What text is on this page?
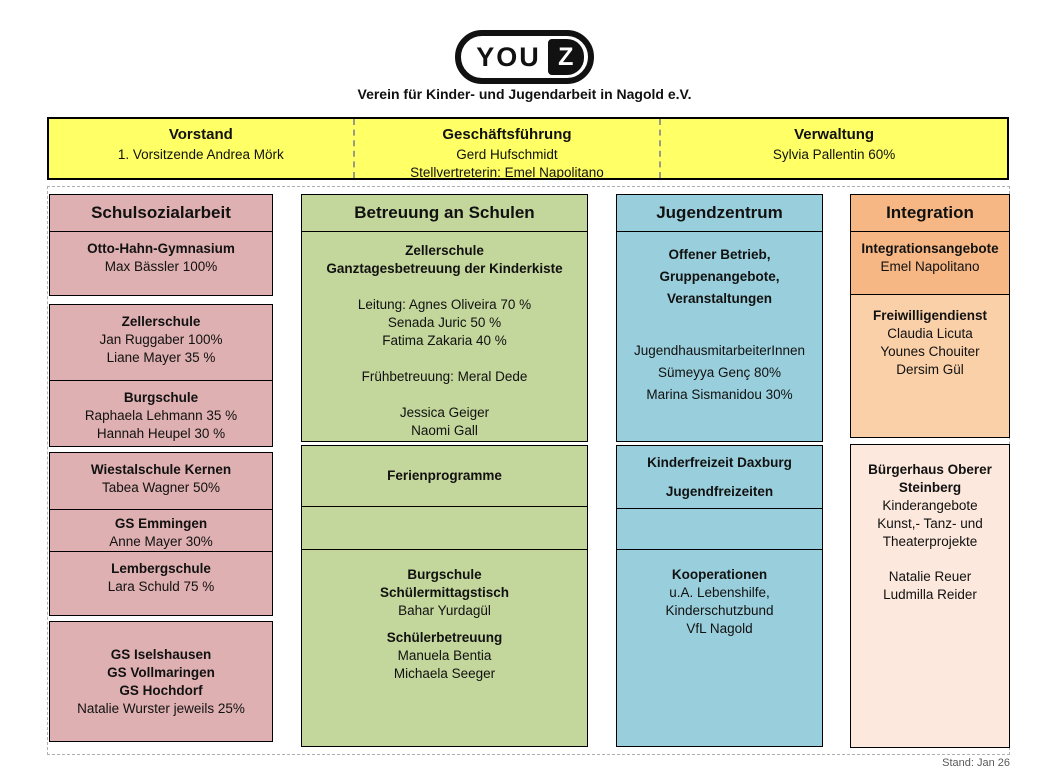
YOU Z
Verein für Kinder- und Jugendarbeit in Nagold e.V.
Vorstand
1. Vorsitzende Andrea Mörk
Geschäftsführung
Gerd Hufschmidt
Stellvertreterin: Emel Napolitano
Verwaltung
Sylvia Pallentin 60%
Schulsozialarbeit
Otto-Hahn-Gymnasium
Max Bässler 100%
Zellerschule
Jan Ruggaber 100%
Liane Mayer 35 %
Burgschule
Raphaela Lehmann 35 %
Hannah Heupel 30 %
Wiestalschule Kernen
Tabea Wagner 50%
GS Emmingen
Anne Mayer 30%
Lembergschule
Lara Schuld 75 %
GS Iselshausen
GS Vollmaringen
GS Hochdorf
Natalie Wurster jeweils 25%
Betreuung an Schulen
Zellerschule
Ganztagesbetreuung der Kinderkiste
Leitung: Agnes Oliveira 70 %
Senada Juric 50 %
Fatima Zakaria 40 %
Frühbetreuung: Meral Dede
Jessica Geiger
Naomi Gall
Ferienprogramme
Burgschule
Schülermittagstisch
Bahar Yurdagül
Schülerbetreuung
Manuela Bentia
Michaela Seeger
Jugendzentrum
Offener Betrieb,
Gruppenangebote,
Veranstaltungen
JugendhausmitarbeiterInnen
Sümeyya Genç 80%
Marina Sismanidou 30%
Kinderfreizeit Daxburg
Jugendfreizeiten
Kooperationen
u.A. Lebenshilfe,
Kinderschutzbund
VfL Nagold
Integration
Integrationsangebote
Emel Napolitano
Freiwilligendienst
Claudia Licuta
Younes Chouiter
Dersim Gül
Bürgerhaus Oberer
Steinberg
Kinderangebote
Kunst,- Tanz- und
Theaterprojekte
Natalie Reuer
Ludmilla Reider
Stand: Jan 26
